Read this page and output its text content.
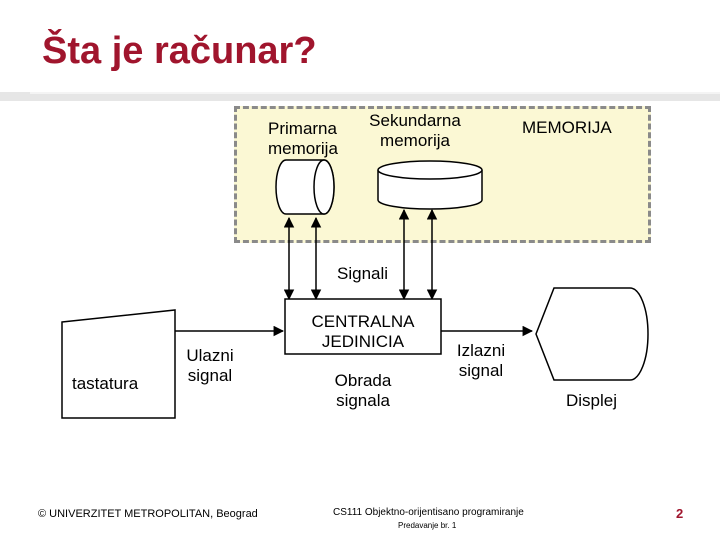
Šta je računar?
Primarna
memorija
Sekundarna
memorija
MEMORIJA
Signali
CENTRALNA
JEDINICIA
Obrada
signala
Ulazni
signal
Izlazni
signal
tastatura
Displej
© UNIVERZITET METROPOLITAN, Beograd	CS111 Objektno-orijentisano programiranje
Predavanje br. 1
2
